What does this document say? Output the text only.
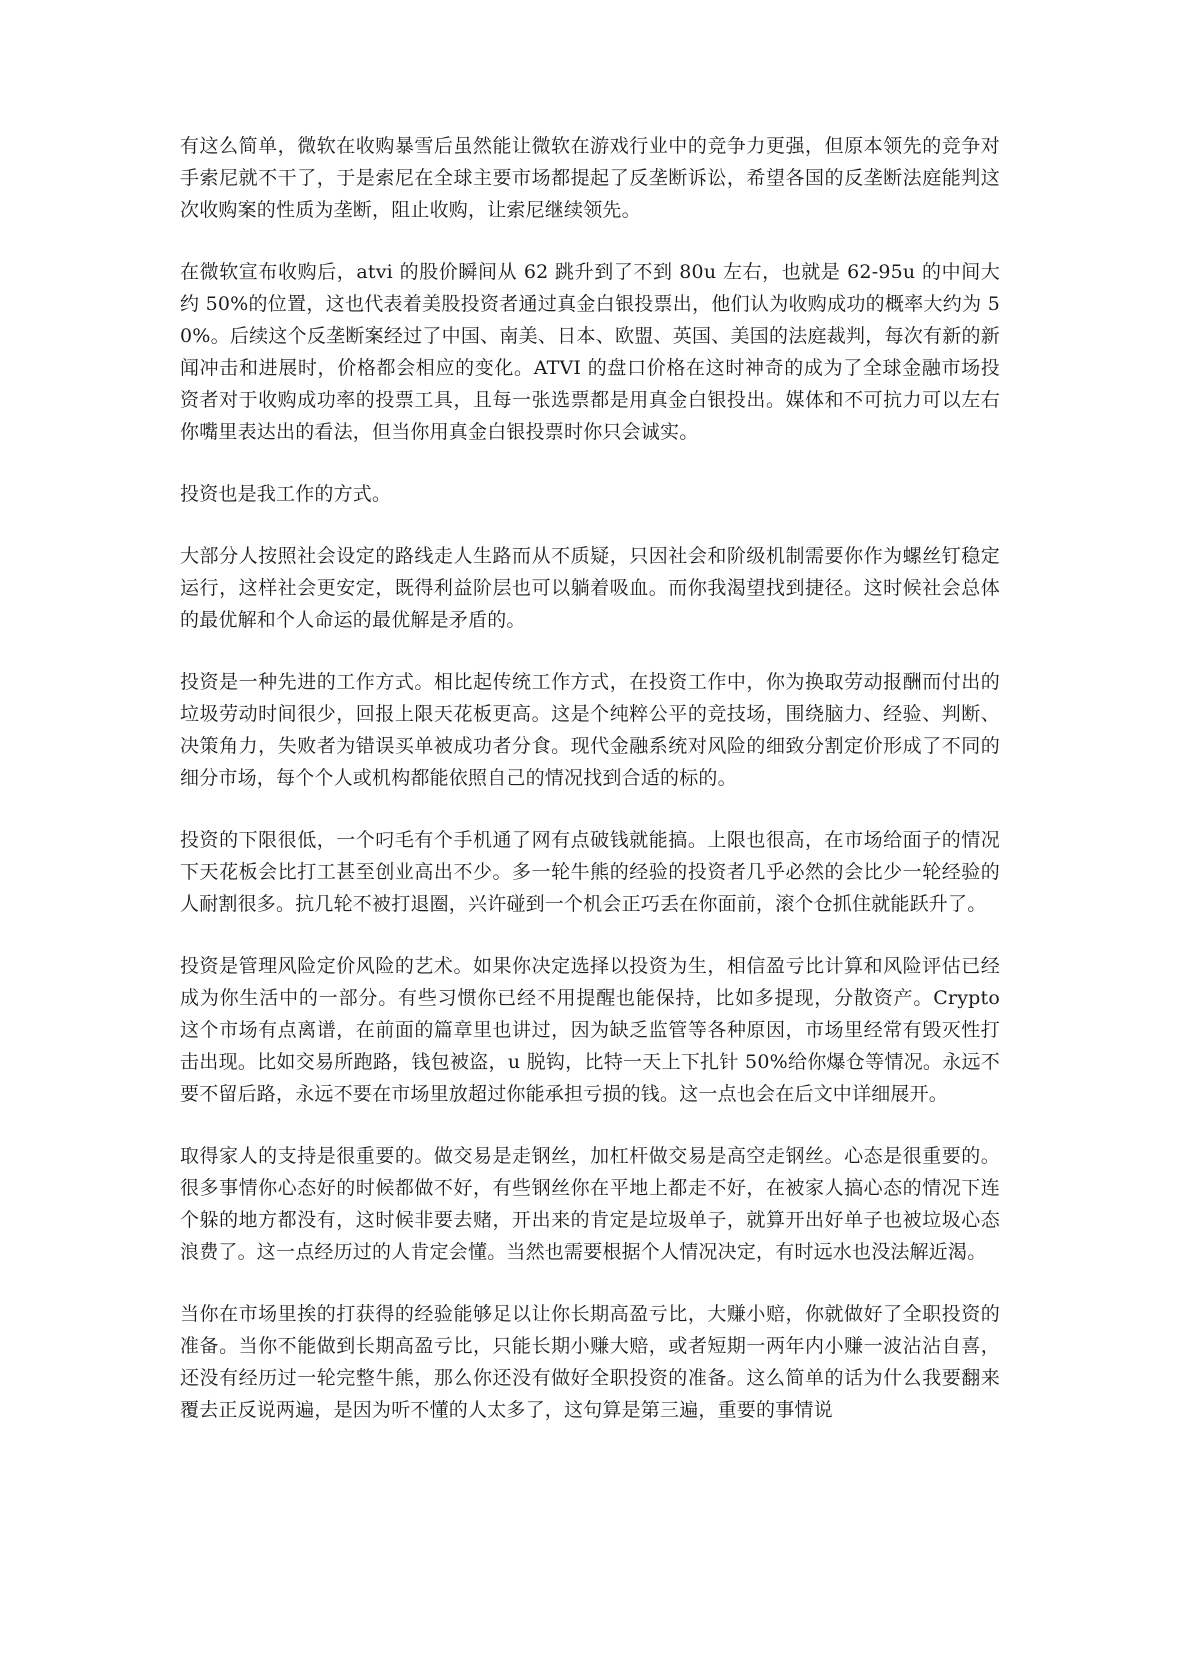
有这么简单，微软在收购暴雪后虽然能让微软在游戏行业中的竞争力更强，但原本领先的竞争对手索尼就不干了，于是索尼在全球主要市场都提起了反垄断诉讼，希望各国的反垄断法庭能判这次收购案的性质为垄断，阻止收购，让索尼继续领先。

在微软宣布收购后，atvi 的股价瞬间从 62 跳升到了不到 80u 左右，也就是 62-95u 的中间大约 50%的位置，这也代表着美股投资者通过真金白银投票出，他们认为收购成功的概率大约为 50%。后续这个反垄断案经过了中国、南美、日本、欧盟、英国、美国的法庭裁判，每次有新的新闻冲击和进展时，价格都会相应的变化。ATVI 的盘口价格在这时神奇的成为了全球金融市场投资者对于收购成功率的投票工具，且每一张选票都是用真金白银投出。媒体和不可抗力可以左右你嘴里表达出的看法，但当你用真金白银投票时你只会诚实。

投资也是我工作的方式。

大部分人按照社会设定的路线走人生路而从不质疑，只因社会和阶级机制需要你作为螺丝钉稳定运行，这样社会更安定，既得利益阶层也可以躺着吸血。而你我渴望找到捷径。这时候社会总体的最优解和个人命运的最优解是矛盾的。

投资是一种先进的工作方式。相比起传统工作方式，在投资工作中，你为换取劳动报酬而付出的垃圾劳动时间很少，回报上限天花板更高。这是个纯粹公平的竞技场，围绕脑力、经验、判断、决策角力，失败者为错误买单被成功者分食。现代金融系统对风险的细致分割定价形成了不同的细分市场，每个个人或机构都能依照自己的情况找到合适的标的。

投资的下限很低，一个叼毛有个手机通了网有点破钱就能搞。上限也很高，在市场给面子的情况下天花板会比打工甚至创业高出不少。多一轮牛熊的经验的投资者几乎必然的会比少一轮经验的人耐割很多。抗几轮不被打退圈，兴许碰到一个机会正巧丢在你面前，滚个仓抓住就能跃升了。

投资是管理风险定价风险的艺术。如果你决定选择以投资为生，相信盈亏比计算和风险评估已经成为你生活中的一部分。有些习惯你已经不用提醒也能保持，比如多提现，分散资产。Crypto 这个市场有点离谱，在前面的篇章里也讲过，因为缺乏监管等各种原因，市场里经常有毁灭性打击出现。比如交易所跑路，钱包被盗，u 脱钩，比特一天上下扎针 50%给你爆仓等情况。永远不要不留后路，永远不要在市场里放超过你能承担亏损的钱。这一点也会在后文中详细展开。

取得家人的支持是很重要的。做交易是走钢丝，加杠杆做交易是高空走钢丝。心态是很重要的。很多事情你心态好的时候都做不好，有些钢丝你在平地上都走不好，在被家人搞心态的情况下连个躲的地方都没有，这时候非要去赌，开出来的肯定是垃圾单子，就算开出好单子也被垃圾心态浪费了。这一点经历过的人肯定会懂。当然也需要根据个人情况决定，有时远水也没法解近渴。

当你在市场里挨的打获得的经验能够足以让你长期高盈亏比，大赚小赔，你就做好了全职投资的准备。当你不能做到长期高盈亏比，只能长期小赚大赔，或者短期一两年内小赚一波沾沾自喜，还没有经历过一轮完整牛熊，那么你还没有做好全职投资的准备。这么简单的话为什么我要翻来覆去正反说两遍，是因为听不懂的人太多了，这句算是第三遍，重要的事情说
